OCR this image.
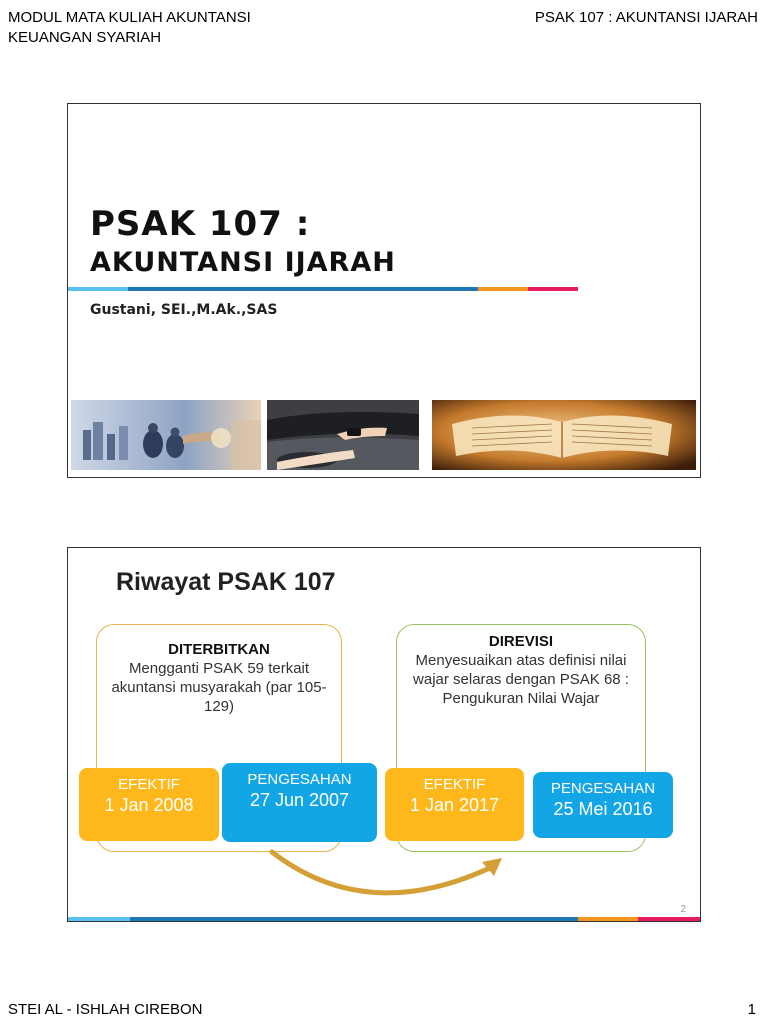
MODUL MATA KULIAH AKUNTANSI
KEUANGAN SYARIAH
PSAK 107 : AKUNTANSI IJARAH
PSAK 107 :
AKUNTANSI IJARAH
Gustani, SEI.,M.Ak.,SAS
Riwayat PSAK 107
DITERBITKAN
Mengganti PSAK 59 terkait akuntansi musyarakah (par 105-129)
DIREVISI
Menyesuaikan atas definisi nilai wajar selaras dengan PSAK 68 : Pengukuran Nilai Wajar
EFEKTIF
1 Jan 2008
PENGESAHAN
27 Jun 2007
EFEKTIF
1 Jan 2017
PENGESAHAN
25 Mei 2016
2
STEI AL - ISHLAH CIREBON	1
